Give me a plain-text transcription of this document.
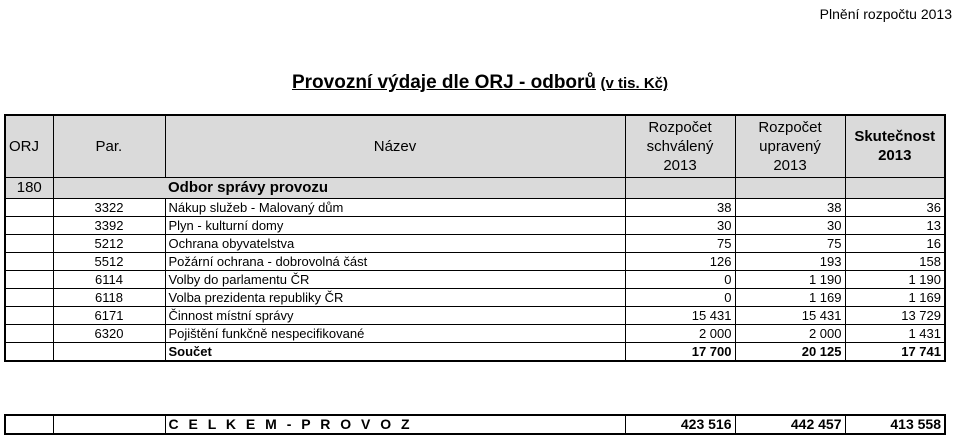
Plnění rozpočtu 2013
Provozní výdaje dle ORJ - odborů (v tis. Kč)
ORJ	Par.	Název	Rozpočet
schválený
2013	Rozpočet
upravený
2013	Skutečnost
2013
180		Odbor správy provozu			
	3322	Nákup služeb - Malovaný dům	38	38	36
	3392	Plyn - kulturní domy	30	30	13
	5212	Ochrana obyvatelstva	75	75	16
	5512	Požární ochrana - dobrovolná část	126	193	158
	6114	Volby do parlamentu ČR	0	1 190	1 190
	6118	Volba prezidenta republiky ČR	0	1 169	1 169
	6171	Činnost místní správy	15 431	15 431	13 729
	6320	Pojištění funkčně nespecifikované	2 000	2 000	1 431
		Součet	17 700	20 125	17 741
		C E L K E M - P R O V O Z	423 516	442 457	413 558
